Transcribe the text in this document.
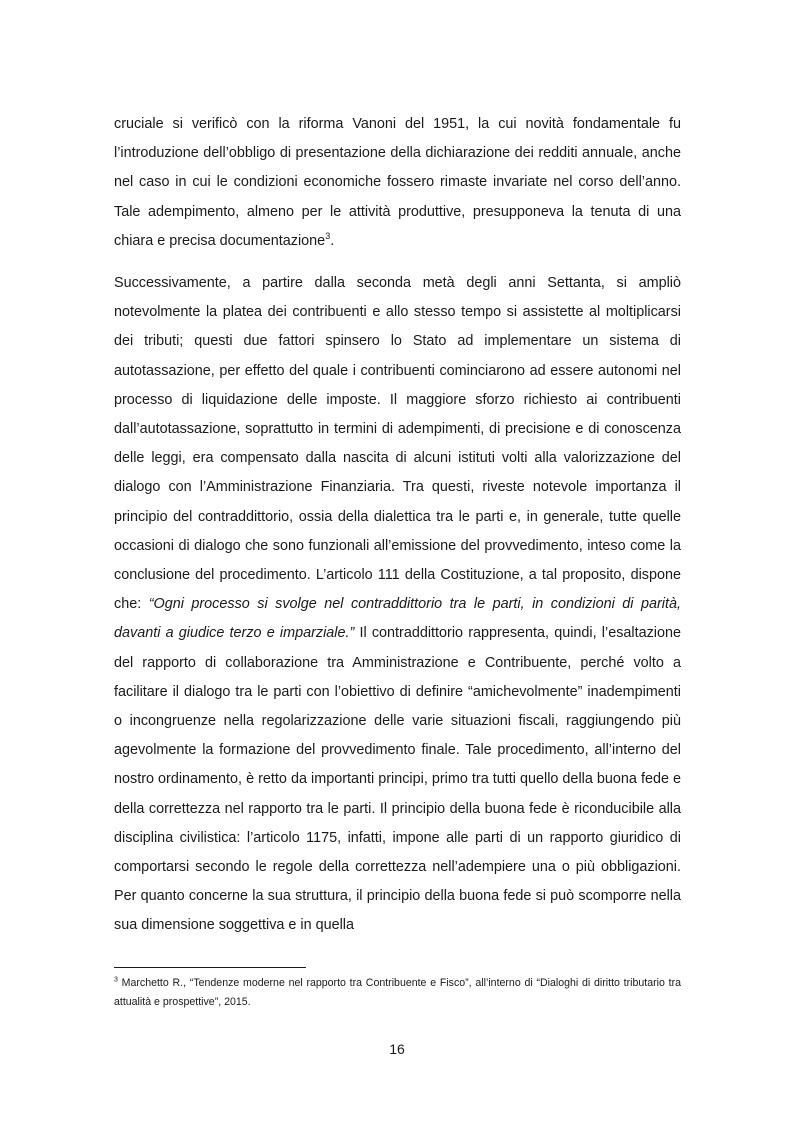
cruciale si verificò con la riforma Vanoni del 1951, la cui novità fondamentale fu l’introduzione dell’obbligo di presentazione della dichiarazione dei redditi annuale, anche nel caso in cui le condizioni economiche fossero rimaste invariate nel corso dell’anno. Tale adempimento, almeno per le attività produttive, presupponeva la tenuta di una chiara e precisa documentazione$^3$.

Successivamente, a partire dalla seconda metà degli anni Settanta, si ampliò notevolmente la platea dei contribuenti e allo stesso tempo si assistette al moltiplicarsi dei tributi; questi due fattori spinsero lo Stato ad implementare un sistema di autotassazione, per effetto del quale i contribuenti cominciarono ad essere autonomi nel processo di liquidazione delle imposte. Il maggiore sforzo richiesto ai contribuenti dall’autotassazione, soprattutto in termini di adempimenti, di precisione e di conoscenza delle leggi, era compensato dalla nascita di alcuni istituti volti alla valorizzazione del dialogo con l’Amministrazione Finanziaria. Tra questi, riveste notevole importanza il principio del contraddittorio, ossia della dialettica tra le parti e, in generale, tutte quelle occasioni di dialogo che sono funzionali all’emissione del provvedimento, inteso come la conclusione del procedimento. L’articolo 111 della Costituzione, a tal proposito, dispone che: “Ogni processo si svolge nel contraddittorio tra le parti, in condizioni di parità, davanti a giudice terzo e imparziale.” Il contraddittorio rappresenta, quindi, l’esaltazione del rapporto di collaborazione tra Amministrazione e Contribuente, perché volto a facilitare il dialogo tra le parti con l’obiettivo di definire “amichevolmente” inadempimenti o incongruenze nella regolarizzazione delle varie situazioni fiscali, raggiungendo più agevolmente la formazione del provvedimento finale. Tale procedimento, all’interno del nostro ordinamento, è retto da importanti principi, primo tra tutti quello della buona fede e della correttezza nel rapporto tra le parti. Il principio della buona fede è riconducibile alla disciplina civilistica: l’articolo 1175, infatti, impone alle parti di un rapporto giuridico di comportarsi secondo le regole della correttezza nell’adempiere una o più obbligazioni. Per quanto concerne la sua struttura, il principio della buona fede si può scomporre nella sua dimensione soggettiva e in quella

$^3$ Marchetto R., “Tendenze moderne nel rapporto tra Contribuente e Fisco”, all’interno di “Dialoghi di diritto tributario tra attualità e prospettive”, 2015.
16
